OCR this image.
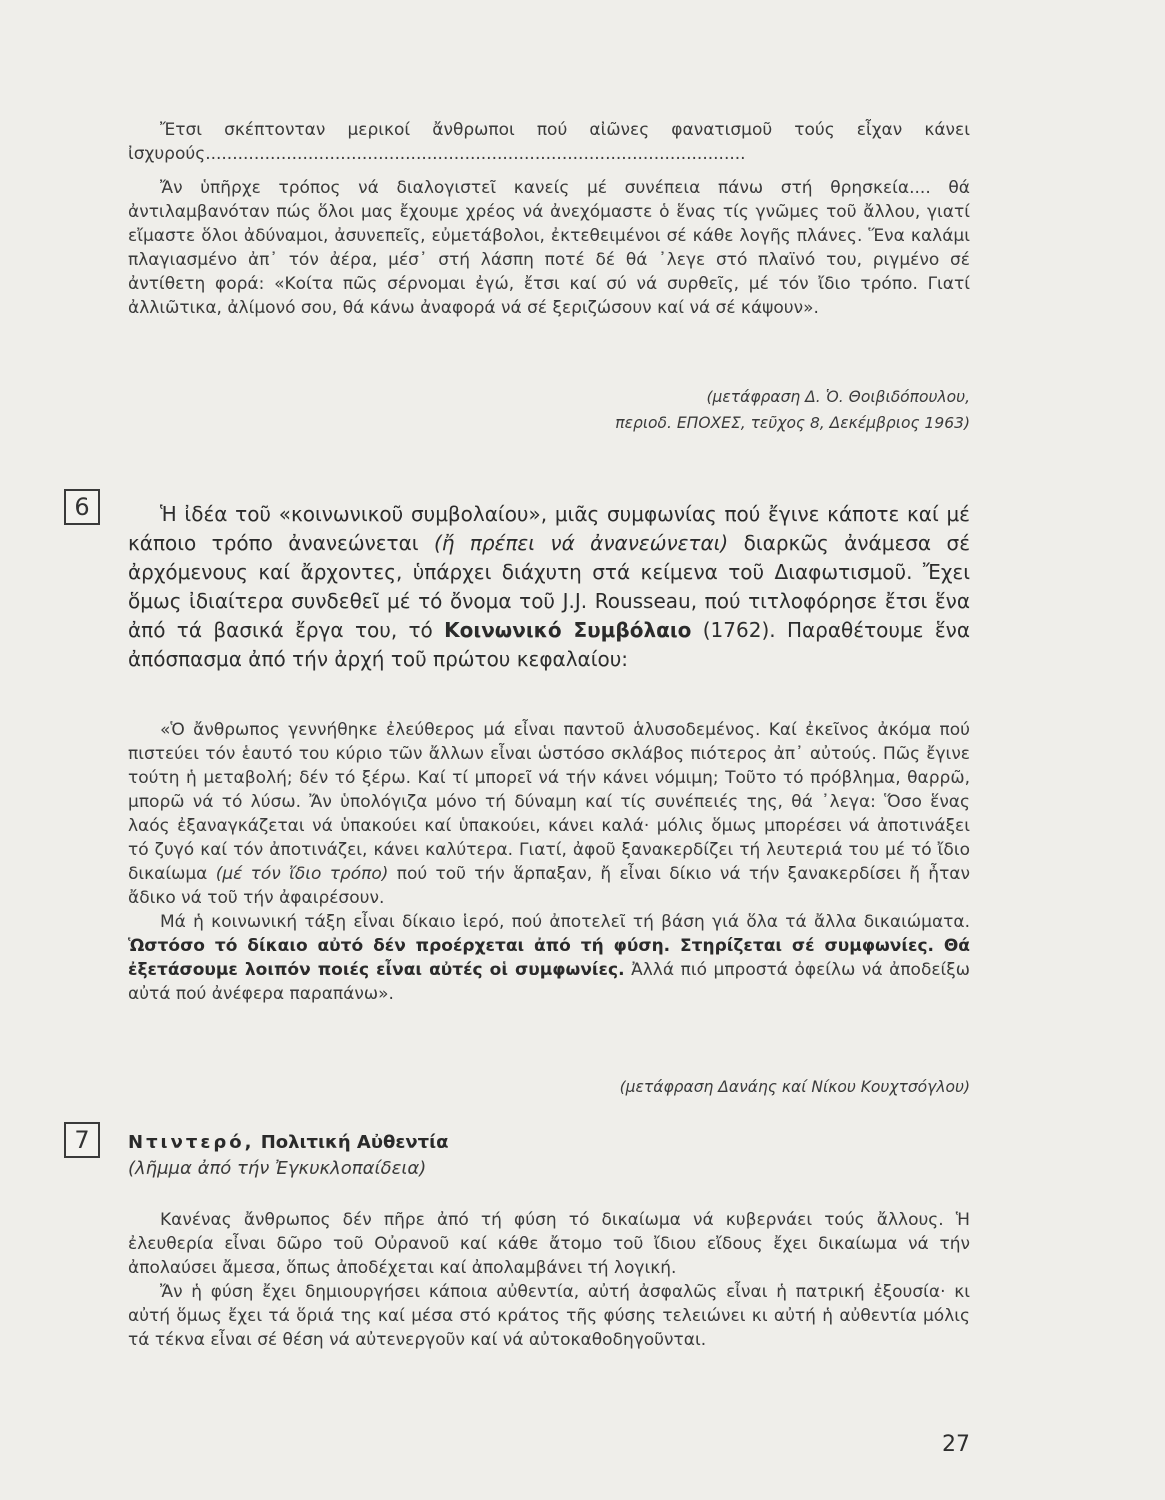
Ἔτσι σκέπτονταν μερικοί ἄνθρωποι πού αἰῶνες φανατισμοῦ τούς εἶχαν κάνει ἰσχυρούς....................................................................................................

Ἄν ὑπῆρχε τρόπος νά διαλογιστεῖ κανείς μέ συνέπεια πάνω στή θρησκεία.... θά ἀντιλαμβανόταν πώς ὅλοι μας ἔχουμε χρέος νά ἀνεχόμαστε ὁ ἕνας τίς γνῶμες τοῦ ἄλλου, γιατί εἴμαστε ὅλοι ἀδύναμοι, ἀσυνεπεῖς, εὐμετάβολοι, ἐκτεθειμένοι σέ κάθε λογῆς πλάνες. Ἕνα καλάμι πλαγιασμένο ἀπ᾽ τόν ἀέρα, μέσ᾽ στή λάσπη ποτέ δέ θά ᾽λεγε στό πλαϊνό του, ριγμένο σέ ἀντίθετη φορά: «Κοίτα πῶς σέρνομαι ἐγώ, ἔτσι καί σύ νά συρθεῖς, μέ τόν ἴδιο τρόπο. Γιατί ἀλλιῶτικα, ἀλίμονό σου, θά κάνω ἀναφορά νά σέ ξεριζώσουν καί νά σέ κάψουν».

(μετάφραση Δ. Ὁ. Θοιβιδόπουλου,

περιοδ. ΕΠΟΧΕΣ, τεῦχος 8, Δεκέμβριος 1963)

6	Ἡ ἰδέα τοῦ «κοινωνικοῦ συμβολαίου», μιᾶς συμφωνίας πού ἔγινε κάποτε καί μέ κάποιο τρόπο ἀνανεώνεται (ἤ πρέπει νά ἀνανεώνεται) διαρκῶς ἀνάμεσα σέ ἀρχόμενους καί ἄρχοντες, ὑπάρχει διάχυτη στά κείμενα τοῦ Διαφωτισμοῦ. Ἔχει ὅμως ἰδιαίτερα συνδεθεῖ μέ τό ὄνομα τοῦ J.J. Rousseau, πού τιτλοφόρησε ἔτσι ἕνα ἀπό τά βασικά ἔργα του, τό Κοινωνικό Συμβόλαιο (1762). Παραθέτουμε ἕνα ἀπόσπασμα ἀπό τήν ἀρχή τοῦ πρώτου κεφαλαίου:

«Ὁ ἄνθρωπος γεννήθηκε ἐλεύθερος μά εἶναι παντοῦ ἁλυσοδεμένος. Καί ἐκεῖνος ἀκόμα πού πιστεύει τόν ἑαυτό του κύριο τῶν ἄλλων εἶναι ὡστόσο σκλάβος πιότερος ἀπ᾽ αὐτούς. Πῶς ἔγινε τούτη ἡ μεταβολή; δέν τό ξέρω. Καί τί μπορεῖ νά τήν κάνει νόμιμη; Τοῦτο τό πρόβλημα, θαρρῶ, μπορῶ νά τό λύσω. Ἄν ὑπολόγιζα μόνο τή δύναμη καί τίς συνέπειές της, θά ᾽λεγα: Ὅσο ἕνας λαός ἐξαναγκάζεται νά ὑπακούει καί ὑπακούει, κάνει καλά· μόλις ὅμως μπορέσει νά ἀποτινάξει τό ζυγό καί τόν ἀποτινάζει, κάνει καλύτερα. Γιατί, ἀφοῦ ξανακερδίζει τή λευτεριά του μέ τό ἴδιο δικαίωμα (μέ τόν ἴδιο τρόπο) πού τοῦ τήν ἅρπαξαν, ἤ εἶναι δίκιο νά τήν ξανακερδίσει ἤ ἦταν ἄδικο νά τοῦ τήν ἀφαιρέσουν.

Μά ἡ κοινωνική τάξη εἶναι δίκαιο ἱερό, πού ἀποτελεῖ τή βάση γιά ὅλα τά ἄλλα δικαιώματα. Ὡστόσο τό δίκαιο αὐτό δέν προέρχεται ἀπό τή φύση. Στηρίζεται σέ συμφωνίες. Θά ἐξετάσουμε λοιπόν ποιές εἶναι αὐτές οἱ συμφωνίες. Ἀλλά πιό μπροστά ὀφείλω νά ἀποδείξω αὐτά πού ἀνέφερα παραπάνω».

(μετάφραση Δανάης καί Νίκου Κουχτσόγλου)

7	Ντιντερό, Πολιτική Αὐθεντία
(λῆμμα ἀπό τήν Ἐγκυκλοπαίδεια)

Κανένας ἄνθρωπος δέν πῆρε ἀπό τή φύση τό δικαίωμα νά κυβερνάει τούς ἄλλους. Ἡ ἐλευθερία εἶναι δῶρο τοῦ Οὐρανοῦ καί κάθε ἄτομο τοῦ ἴδιου εἴδους ἔχει δικαίωμα νά τήν ἀπολαύσει ἄμεσα, ὅπως ἀποδέχεται καί ἀπολαμβάνει τή λογική.

Ἄν ἡ φύση ἔχει δημιουργήσει κάποια αὐθεντία, αὐτή ἀσφαλῶς εἶναι ἡ πατρική ἐξουσία· κι αὐτή ὅμως ἔχει τά ὅριά της καί μέσα στό κράτος τῆς φύσης τελειώνει κι αὐτή ἡ αὐθεντία μόλις τά τέκνα εἶναι σέ θέση νά αὐτενεργοῦν καί νά αὐτοκαθοδηγοῦνται.

27
